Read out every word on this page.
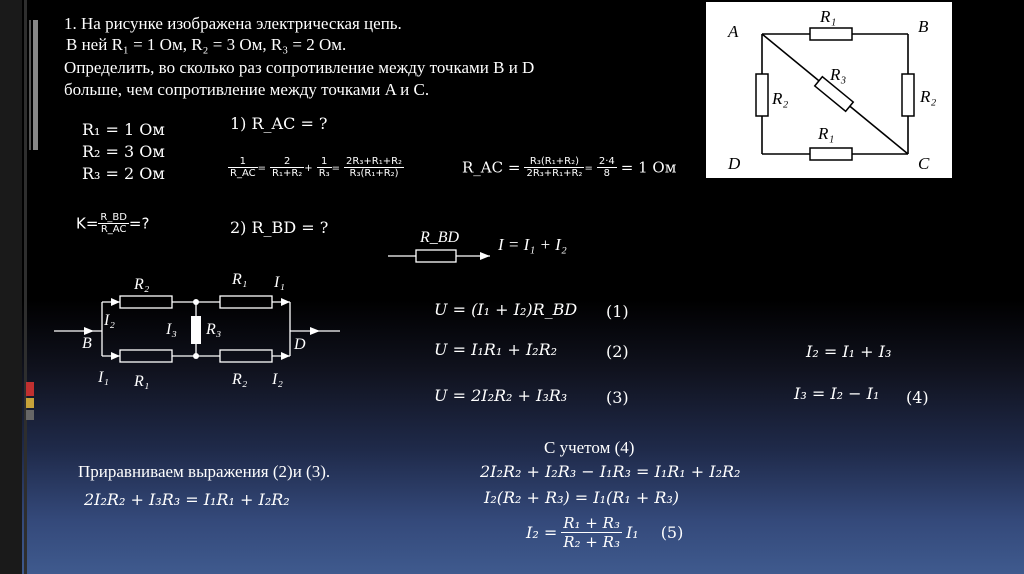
1. На рисунке изображена электрическая цепь.
В ней R₁ = 1 Ом, R₂ = 3 Ом, R₃ = 2 Ом.
Определить, во сколько раз сопротивление между точками B и D
больше, чем сопротивление между точками A и C.
R₁ = 1 Ом
R₂ = 3 Ом
R₃ = 2 Ом
1) R_AC = ?
$\frac{1}{R\_AC} = \frac{2}{\text{R₁+R₂}} + \frac{1}{\text{R₃}} = \frac{\text{2R₃+R₁+R₂}}{\text{R₃(R₁+R₂)}}$	R_AC = $\frac{\text{R₃(R₁+R₂)}}{\text{2R₃+R₁+R₂}} = \frac{2\cdot 4}{8} = 1$ Ом
$K= \frac{R\_BD}{R\_AC}$ =?	2) R_BD = ?
A	B
C
D
R₁
R₃
R₂
R₂
R₁
R_BD I = I₁ + I₂
R₂	R₁ I₁
I₂
I₃ R₃
B	D
I₁ R₁	R₂ I₂
U = (I₁ + I₂)R_BD (1)
U = I₁R₁ + I₂R₂	(2)
U = 2I₂R₂ + I₃R₃ (3)
I₂ = I₁ + I₃
I₃ = I₂ − I₁ (4)
Приравниваем выражения (2)и (3).
2I₂R₂ + I₃R₃ = I₁R₁ + I₂R₂
С учетом (4)
2I₂R₂ + I₂R₃ − I₁R₃ = I₁R₁ + I₂R₂
I₂(R₂ + R₃) = I₁(R₁ + R₃)
$I_2 = \frac{\text{R₁ + R₃}}{\text{R₂ + R₃}} I_1$ (5)
